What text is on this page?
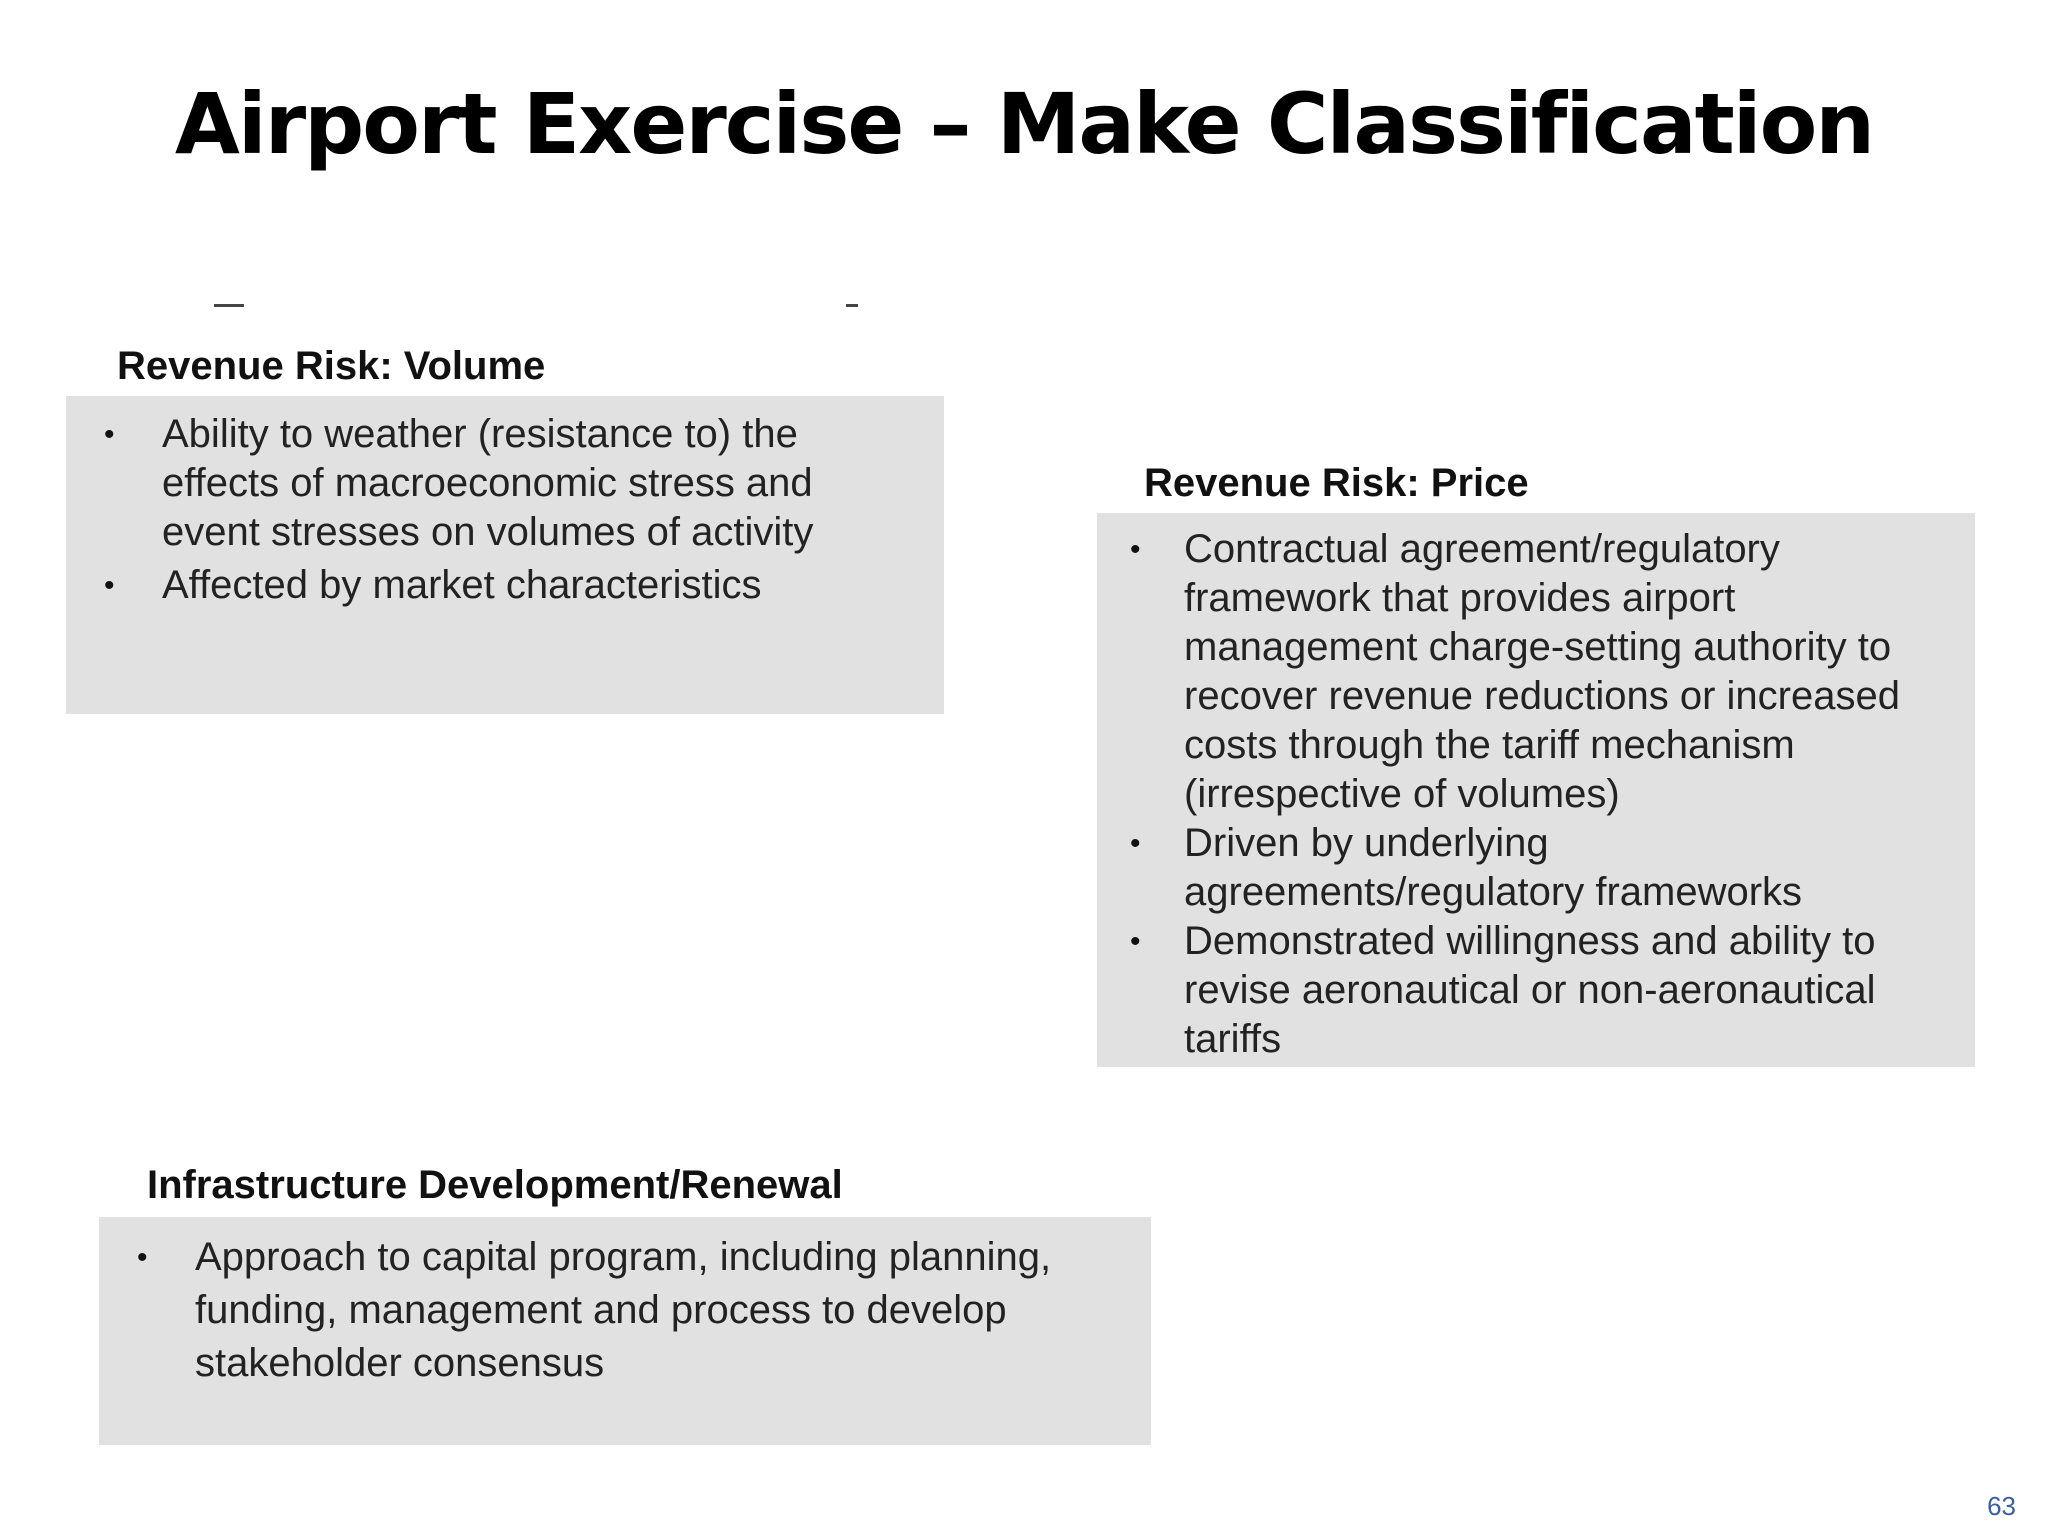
Airport Exercise – Make Classification
Revenue Risk: Volume
• Ability to weather (resistance to) the effects of macroeconomic stress and event stresses on volumes of activity
• Affected by market characteristics
Revenue Risk: Price
• Contractual agreement/regulatory framework that provides airport management charge-setting authority to recover revenue reductions or increased costs through the tariff mechanism (irrespective of volumes)
• Driven by underlying agreements/regulatory frameworks
• Demonstrated willingness and ability to revise aeronautical or non-aeronautical tariffs
Infrastructure Development/Renewal
• Approach to capital program, including planning, funding, management and process to develop stakeholder consensus
63
